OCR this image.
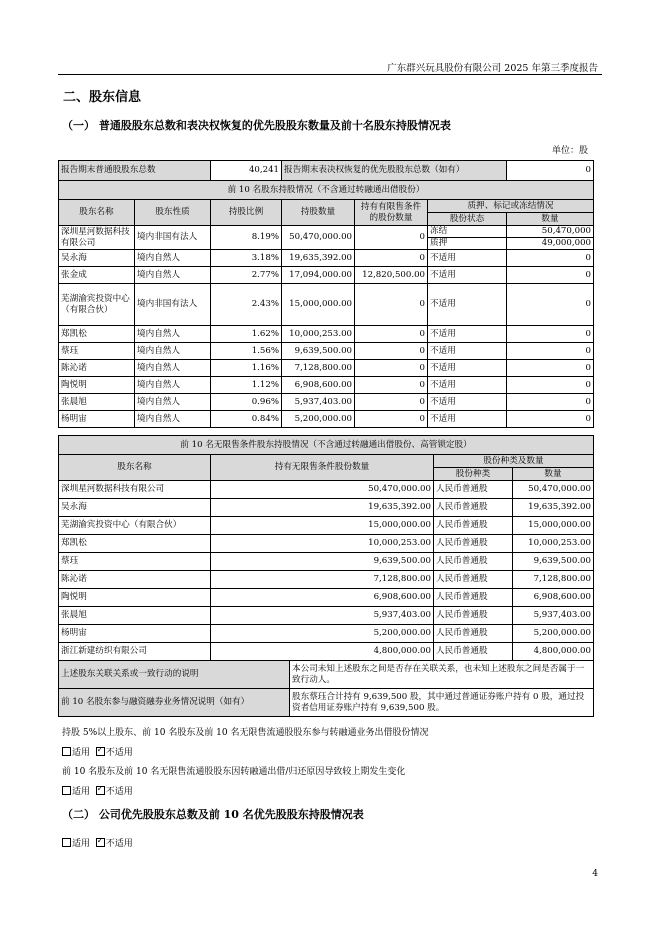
广东群兴玩具股份有限公司 2025 年第三季度报告
二、股东信息
（一） 普通股股东总数和表决权恢复的优先股股东数量及前十名股东持股情况表
单位：股
报告期末普通股股东总数		40,241	报告期末表决权恢复的优先股股东总数（如有）			0
前 10 名股东持股情况（不含通过转融通出借股份）						
股东名称	股东性质	持股比例	持股数量	持有有限售条件的股份数量	质押、标记或冻结情况	
					股份状态	数量
深圳星河数据科技有限公司	境内非国有法人	8.19%	50,470,000.00	0	冻结	50,470,000
					质押	49,000,000
吴永海	境内自然人	3.18%	19,635,392.00	0	不适用	0
张金成	境内自然人	2.77%	17,094,000.00	12,820,500.00	不适用	0
芜湖渝宾投资中心（有限合伙）	境内非国有法人	2.43%	15,000,000.00	0	不适用	0
郑凯松	境内自然人	1.62%	10,000,253.00	0	不适用	0
蔡珏	境内自然人	1.56%	9,639,500.00	0	不适用	0
陈沁诺	境内自然人	1.16%	7,128,800.00	0	不适用	0
陶悦明	境内自然人	1.12%	6,908,600.00	0	不适用	0
张晨旭	境内自然人	0.96%	5,937,403.00	0	不适用	0
杨明宙	境内自然人	0.84%	5,200,000.00	0	不适用	0
前 10 名无限售条件股东持股情况（不含通过转融通出借股份、高管锁定股）				
股东名称	持有无限售条件股份数量		股份种类及数量	
			股份种类	数量
深圳星河数据科技有限公司	50,470,000.00		人民币普通股	50,470,000.00
吴永海	19,635,392.00		人民币普通股	19,635,392.00
芜湖渝宾投资中心（有限合伙）	15,000,000.00		人民币普通股	15,000,000.00
郑凯松	10,000,253.00		人民币普通股	10,000,253.00
蔡珏	9,639,500.00		人民币普通股	9,639,500.00
陈沁诺	7,128,800.00		人民币普通股	7,128,800.00
陶悦明	6,908,600.00		人民币普通股	6,908,600.00
张晨旭	5,937,403.00		人民币普通股	5,937,403.00
杨明宙	5,200,000.00		人民币普通股	5,200,000.00
浙江新建纺织有限公司	4,800,000.00		人民币普通股	4,800,000.00
上述股东关联关系或一致行动的说明		本公司未知上述股东之间是否存在关联关系，也未知上述股东之间是否属于一致行动人。		
前 10 名股东参与融资融券业务情况说明（如有）		股东蔡珏合计持有 9,639,500 股，其中通过普通证券账户持有 0 股，通过投资者信用证券账户持有 9,639,500 股。		
持股 5%以上股东、前 10 名股东及前 10 名无限售流通股股东参与转融通业务出借股份情况
适用 ✓ 不适用
前 10 名股东及前 10 名无限售流通股股东因转融通出借/归还原因导致较上期发生变化
适用 ✓ 不适用
（二） 公司优先股股东总数及前 10 名优先股股东持股情况表
适用 ✓ 不适用
4
